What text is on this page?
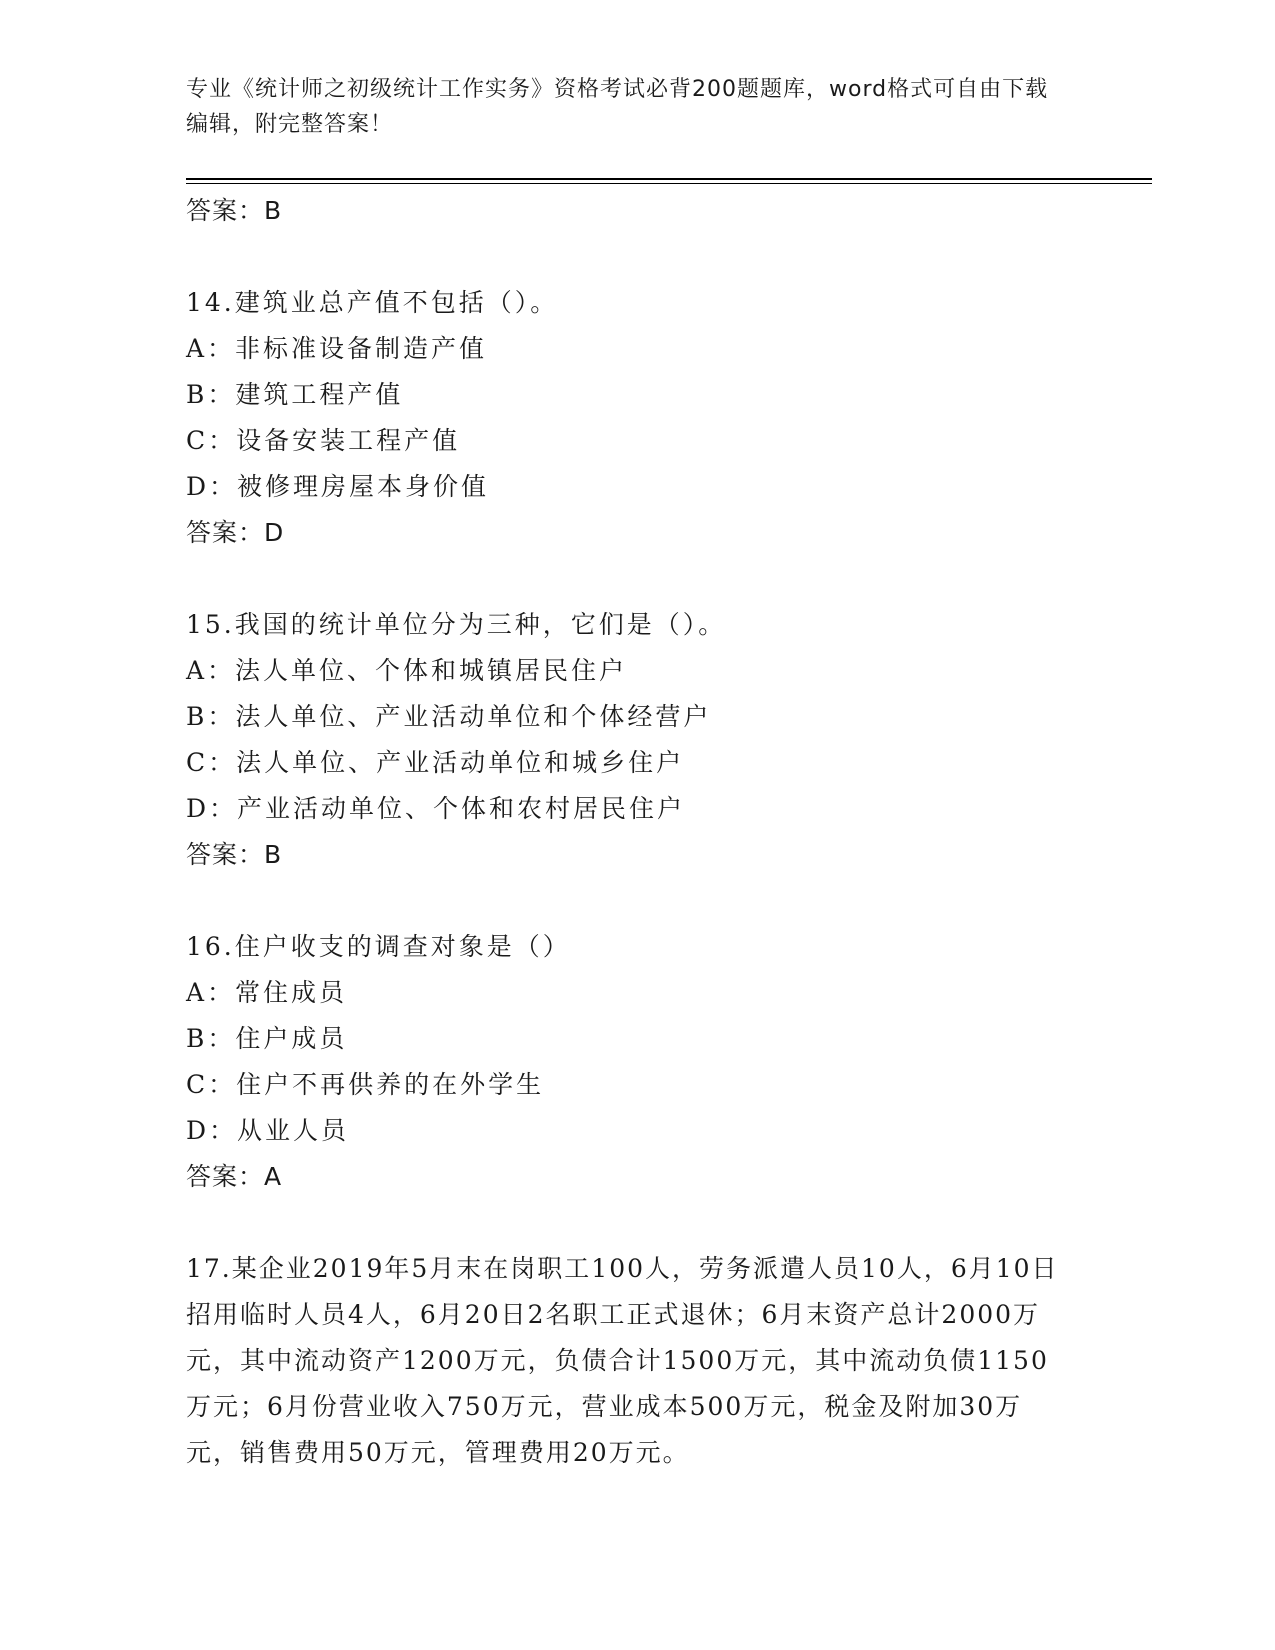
专业《统计师之初级统计工作实务》资格考试必背200题题库，word格式可自由下载编辑，附完整答案！
答案：B
14.建筑业总产值不包括（）。
A：非标准设备制造产值
B：建筑工程产值
C：设备安装工程产值
D：被修理房屋本身价值
答案：D
15.我国的统计单位分为三种，它们是（）。
A：法人单位、个体和城镇居民住户
B：法人单位、产业活动单位和个体经营户
C：法人单位、产业活动单位和城乡住户
D：产业活动单位、个体和农村居民住户
答案：B
16.住户收支的调查对象是（）
A：常住成员
B：住户成员
C：住户不再供养的在外学生
D：从业人员
答案：A
17.某企业2019年5月末在岗职工100人，劳务派遣人员10人，6月10日招用临时人员4人，6月20日2名职工正式退休；6月末资产总计2000万元，其中流动资产1200万元，负债合计1500万元，其中流动负债1150万元；6月份营业收入750万元，营业成本500万元，税金及附加30万元，销售费用50万元，管理费用20万元。
